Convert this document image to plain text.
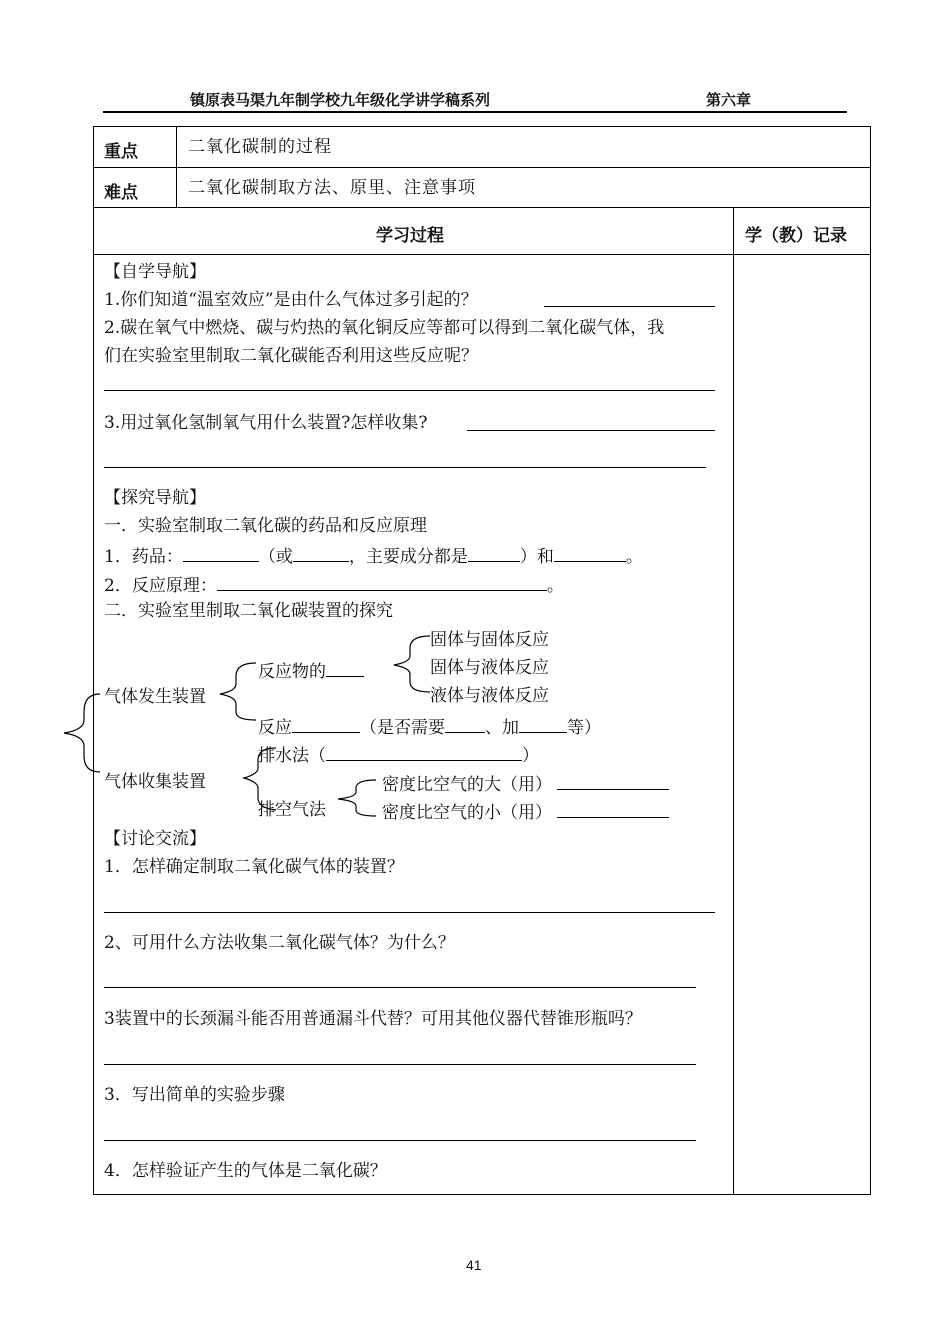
镇原表马渠九年制学校九年级化学讲学稿系列	第六章
重点	二氧化碳制的过程
难点	二氧化碳制取方法、原里、注意事项
学习过程	学（教）记录
【自学导航】
1.你们知道“温室效应”是由什么气体过多引起的？
2.碳在氧气中燃烧、碳与灼热的氧化铜反应等都可以得到二氧化碳气体，我
们在实验室里制取二氧化碳能否利用这些反应呢？
3.用过氧化氢制氧气用什么装置?怎样收集?
【探究导航】
一．实验室制取二氧化碳的药品和反应原理
1．药品：	（或	，主要成分都是	）和	。
2．反应原理：	。
二．实验室里制取二氧化碳装置的探究
气体发生装置
反应物的
固体与固体反应
固体与液体反应
液体与液体反应
反应	（是否需要 、加	等）
排水法（	）
气体收集装置
排空气法
密度比空气的大（用）
密度比空气的小（用）
【讨论交流】
1．怎样确定制取二氧化碳气体的装置？
2、可用什么方法收集二氧化碳气体？为什么？
3装置中的长颈漏斗能否用普通漏斗代替？可用其他仪器代替锥形瓶吗？
3．写出简单的实验步骤
4．怎样验证产生的气体是二氧化碳？
41
